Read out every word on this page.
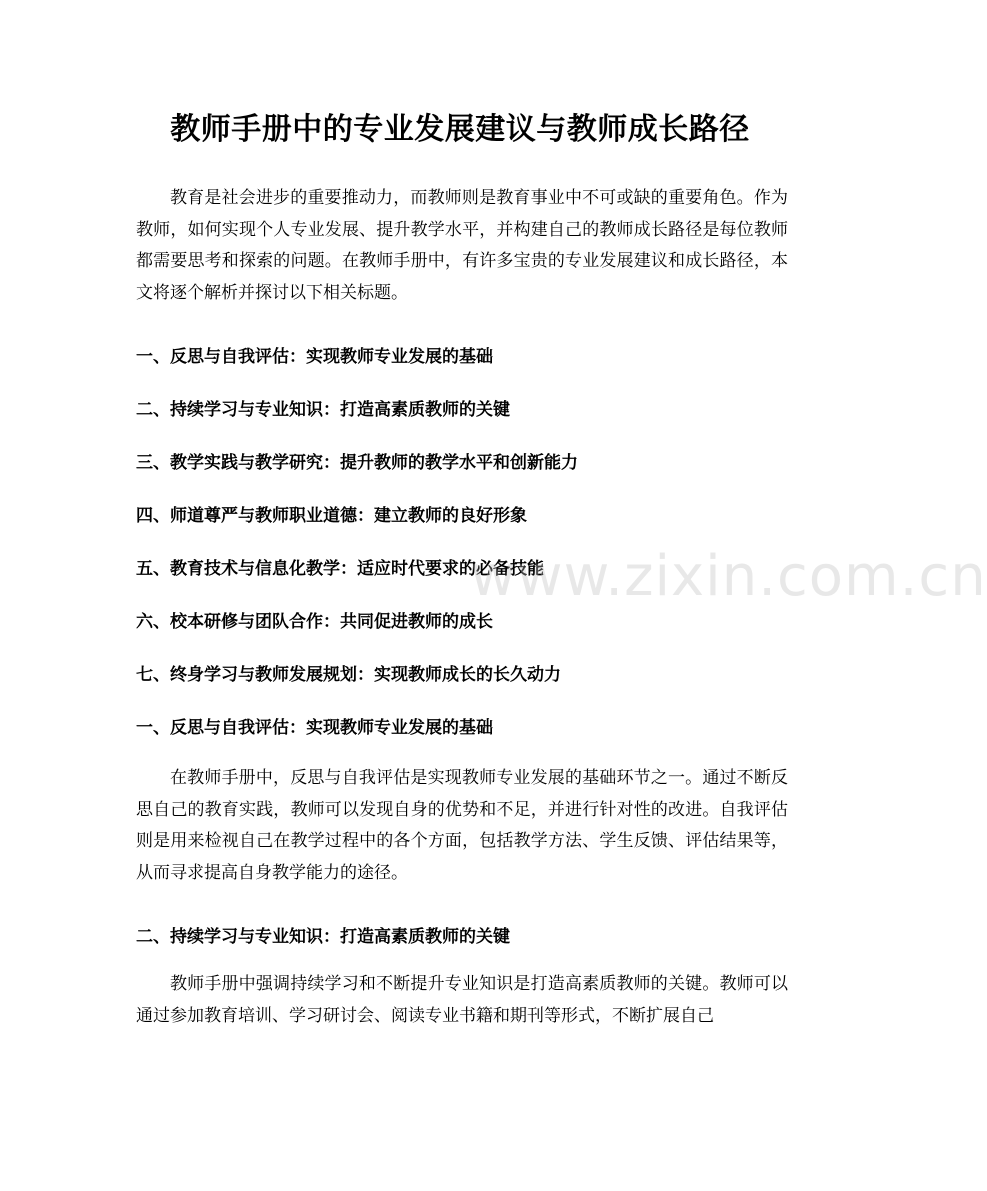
教师手册中的专业发展建议与教师成长路径

教育是社会进步的重要推动力，而教师则是教育事业中不可或缺的重要角色。作为教师，如何实现个人专业发展、提升教学水平，并构建自己的教师成长路径是每位教师都需要思考和探索的问题。在教师手册中，有许多宝贵的专业发展建议和成长路径，本文将逐个解析并探讨以下相关标题。

一、反思与自我评估：实现教师专业发展的基础

二、持续学习与专业知识：打造高素质教师的关键

三、教学实践与教学研究：提升教师的教学水平和创新能力

四、师道尊严与教师职业道德：建立教师的良好形象

五、教育技术与信息化教学：适应时代要求的必备技能

六、校本研修与团队合作：共同促进教师的成长

七、终身学习与教师发展规划：实现教师成长的长久动力

一、反思与自我评估：实现教师专业发展的基础

在教师手册中，反思与自我评估是实现教师专业发展的基础环节之一。通过不断反思自己的教育实践，教师可以发现自身的优势和不足，并进行针对性的改进。自我评估则是用来检视自己在教学过程中的各个方面，包括教学方法、学生反馈、评估结果等，从而寻求提高自身教学能力的途径。

二、持续学习与专业知识：打造高素质教师的关键

教师手册中强调持续学习和不断提升专业知识是打造高素质教师的关键。教师可以通过参加教育培训、学习研讨会、阅读专业书籍和期刊等形式，不断扩展自己

www.zixin.com.cn
